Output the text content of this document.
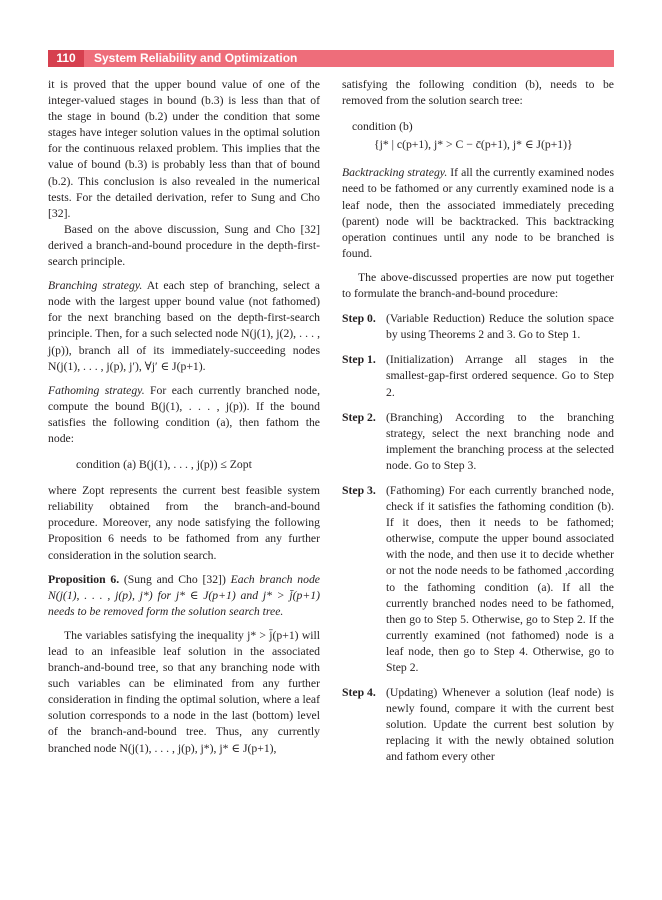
110 System Reliability and Optimization

it is proved that the upper bound value of one of the integer-valued stages in bound (b.3) is less than that of the stage in bound (b.2) under the condition that some stages have integer solution values in the optimal solution for the continuous relaxed problem. This implies that the value of bound (b.3) is probably less than that of bound (b.2). This conclusion is also revealed in the numerical tests. For the detailed derivation, refer to Sung and Cho [32].

Based on the above discussion, Sung and Cho [32] derived a branch-and-bound procedure in the depth-first-search principle.

Branching strategy. At each step of branching, select a node with the largest upper bound value (not fathomed) for the next branching based on the depth-first-search principle. Then, for a such selected node N(j(1), j(2), . . . , j(p)), branch all of its immediately-succeeding nodes N(j(1), . . . , j(p), j′), ∀j′ ∈ J(p+1).

Fathoming strategy. For each currently branched node, compute the bound B(j(1), . . . , j(p)). If the bound satisfies the following condition (a), then fathom the node:

condition (a) B(j(1), . . . , j(p)) ≤ Zopt

where Zopt represents the current best feasible system reliability obtained from the branch-and-bound procedure. Moreover, any node satisfying the following Proposition 6 needs to be fathomed from any further consideration in the solution search.

Proposition 6. (Sung and Cho [32]) Each branch node N(j(1), . . . , j(p), j*) for j* ∈ J(p+1) and j* > j̄(p+1) needs to be removed form the solution search tree.

The variables satisfying the inequality j* > j̄(p+1) will lead to an infeasible leaf solution in the associated branch-and-bound tree, so that any branching node with such variables can be eliminated from any further consideration in finding the optimal solution, where a leaf solution corresponds to a node in the last (bottom) level of the branch-and-bound tree. Thus, any currently branched node N(j(1), . . . , j(p), j*), j* ∈ J(p+1),

satisfying the following condition (b), needs to be removed from the solution search tree:

condition (b)
{j* | c(p+1), j* > C − c̄(p+1), j* ∈ J(p+1)}

Backtracking strategy. If all the currently examined nodes need to be fathomed or any currently examined node is a leaf node, then the associated immediately preceding (parent) node will be backtracked. This backtracking operation continues until any node to be branched is found.

The above-discussed properties are now put together to formulate the branch-and-bound procedure:

Step 0. (Variable Reduction) Reduce the solution space by using Theorems 2 and 3. Go to Step 1.
Step 1. (Initialization) Arrange all stages in the smallest-gap-first ordered sequence. Go to Step 2.
Step 2. (Branching) According to the branching strategy, select the next branching node and implement the branching process at the selected node. Go to Step 3.
Step 3. (Fathoming) For each currently branched node, check if it satisfies the fathoming condition (b). If it does, then it needs to be fathomed; otherwise, compute the upper bound associated with the node, and then use it to decide whether or not the node needs to be fathomed ,according to the fathoming condition (a). If all the currently branched nodes need to be fathomed, then go to Step 5. Otherwise, go to Step 2. If the currently examined (not fathomed) node is a leaf node, then go to Step 4. Otherwise, go to Step 2.
Step 4. (Updating) Whenever a solution (leaf node) is newly found, compare it with the current best solution. Update the current best solution by replacing it with the newly obtained solution and fathom every other
